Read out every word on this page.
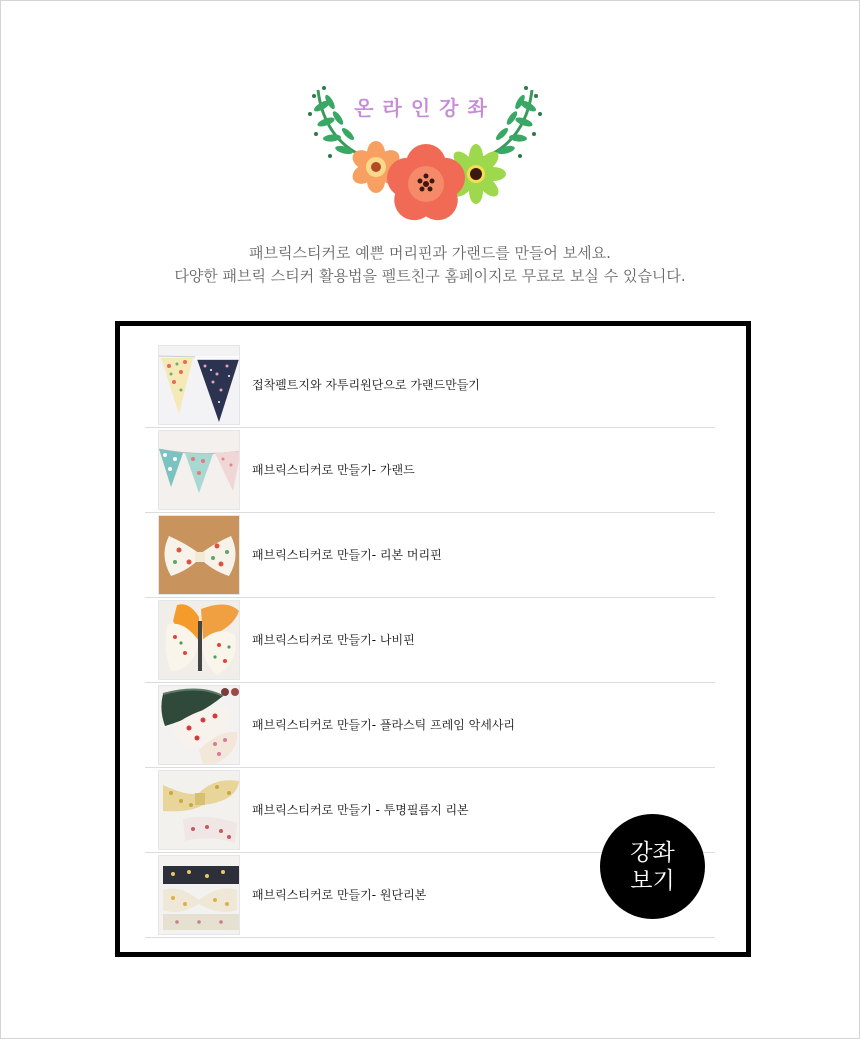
온라인강좌
패브릭스티커로 예쁜 머리핀과 가랜드를 만들어 보세요.
다양한 패브릭 스티커 활용법을 펠트친구 홈페이지로 무료로 보실 수 있습니다.
접착펠트지와 자투리원단으로 가랜드만들기
패브릭스티커로 만들기- 가랜드
패브릭스티커로 만들기- 리본 머리핀
패브릭스티커로 만들기- 나비핀
패브릭스티커로 만들기- 플라스틱 프레임 악세사리
패브릭스티커로 만들기 - 투명필름지 리본
패브릭스티커로 만들기- 원단리본
강좌
보기
